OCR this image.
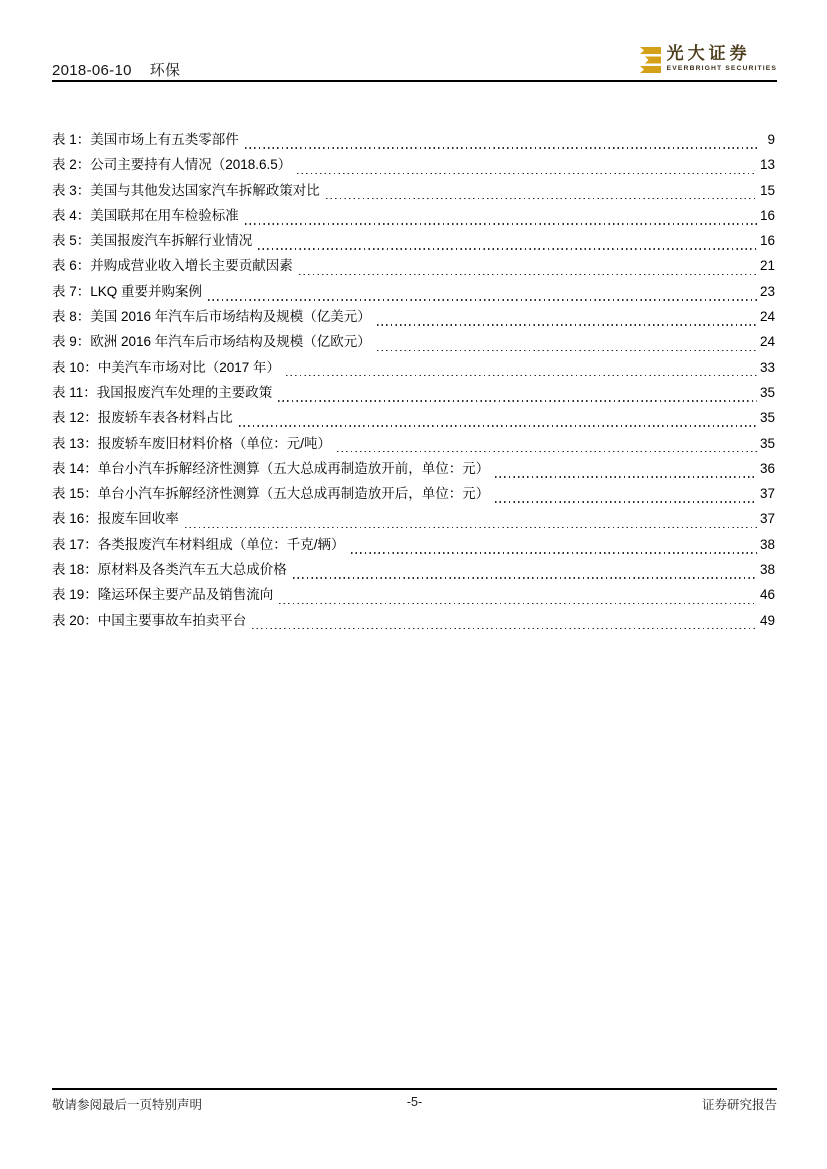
2018-06-10 环保
光大证券
EVERBRIGHT SECURITIES
表 1：美国市场上有五类零部件	9
表 2：公司主要持有人情况（2018.6.5）	13
表 3：美国与其他发达国家汽车拆解政策对比	15
表 4：美国联邦在用车检验标准	16
表 5：美国报废汽车拆解行业情况	16
表 6：并购成营业收入增长主要贡献因素	21
表 7：LKQ 重要并购案例	23
表 8：美国 2016 年汽车后市场结构及规模（亿美元）	24
表 9：欧洲 2016 年汽车后市场结构及规模（亿欧元）	24
表 10：中美汽车市场对比（2017 年）	33
表 11：我国报废汽车处理的主要政策	35
表 12：报废轿车表各材料占比	35
表 13：报废轿车废旧材料价格（单位：元/吨）	35
表 14：单台小汽车拆解经济性测算（五大总成再制造放开前，单位：元）	36
表 15：单台小汽车拆解经济性测算（五大总成再制造放开后，单位：元）	37
表 16：报废车回收率	37
表 17：各类报废汽车材料组成（单位：千克/辆）	38
表 18：原材料及各类汽车五大总成价格	38
表 19：隆运环保主要产品及销售流向	46
表 20：中国主要事故车拍卖平台	49
敬请参阅最后一页特别声明	-5-	证券研究报告
